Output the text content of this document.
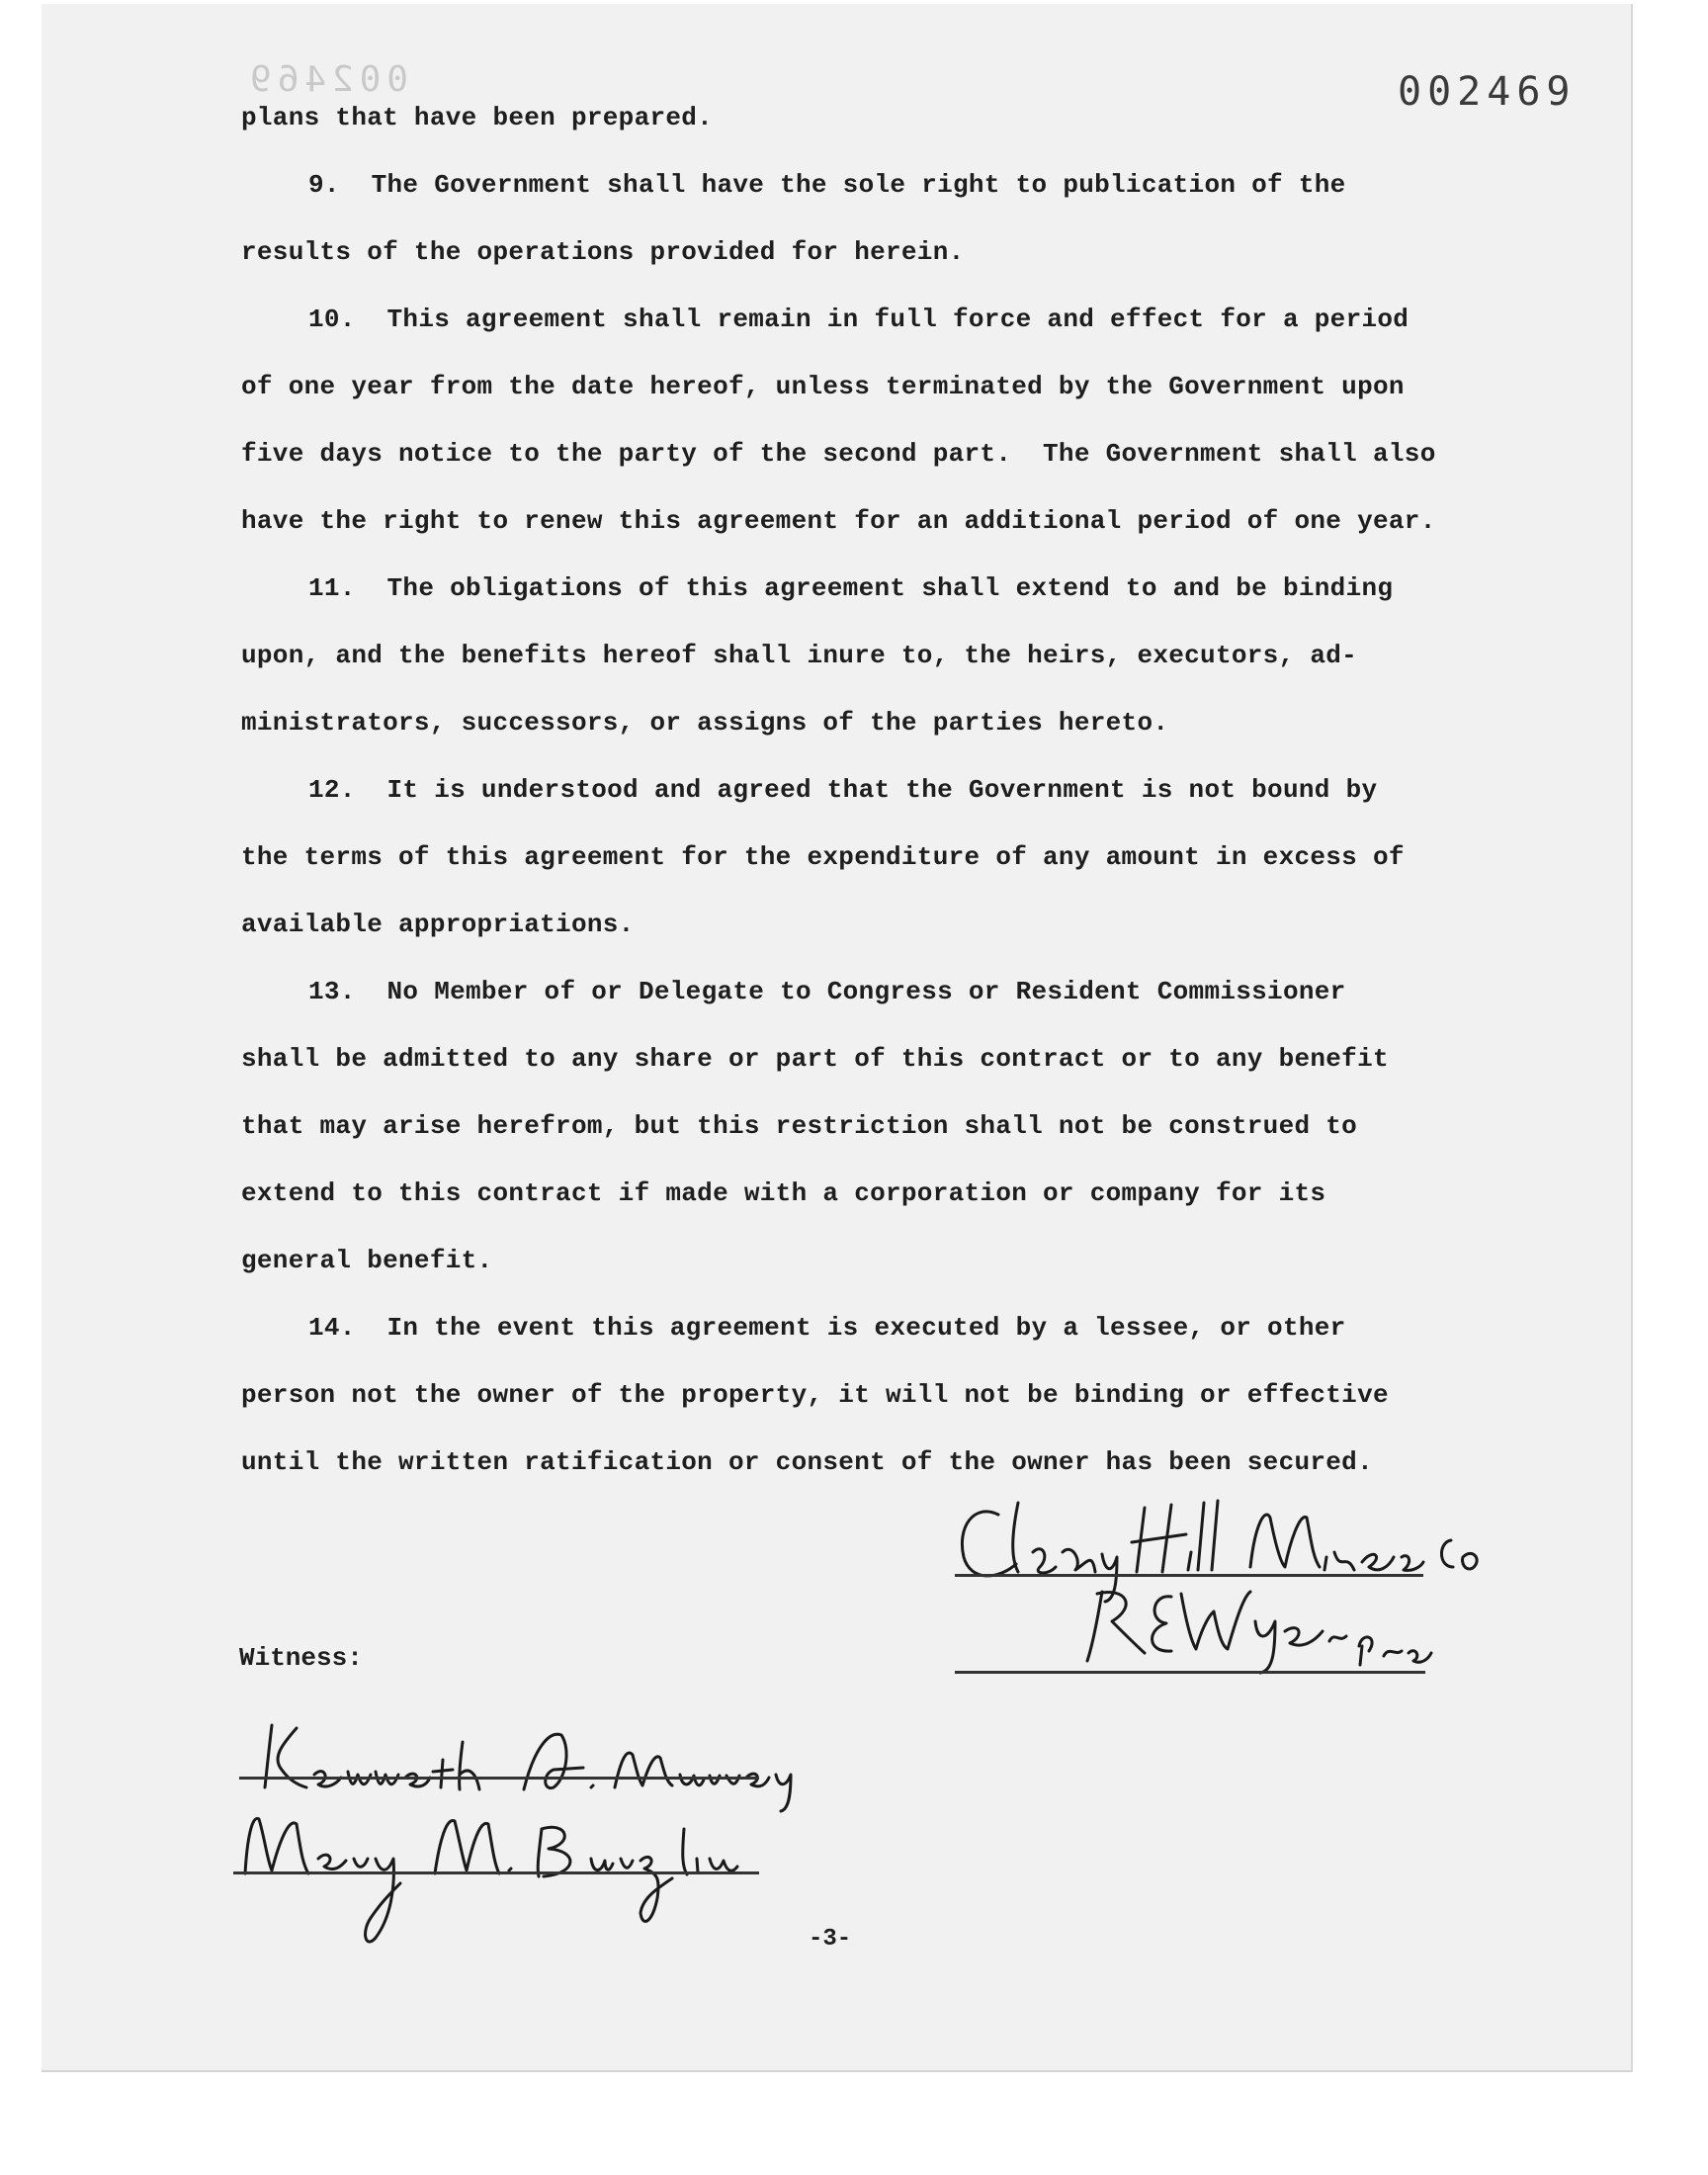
002469	002469
plans that have been prepared.
9.  The Government shall have the sole right to publication of the
results of the operations provided for herein.
10.  This agreement shall remain in full force and effect for a period
of one year from the date hereof, unless terminated by the Government upon
five days notice to the party of the second part.  The Government shall also
have the right to renew this agreement for an additional period of one year.
11.  The obligations of this agreement shall extend to and be binding
upon, and the benefits hereof shall inure to, the heirs, executors, ad-
ministrators, successors, or assigns of the parties hereto.
12.  It is understood and agreed that the Government is not bound by
the terms of this agreement for the expenditure of any amount in excess of
available appropriations.
13.  No Member of or Delegate to Congress or Resident Commissioner
shall be admitted to any share or part of this contract or to any benefit
that may arise herefrom, but this restriction shall not be construed to
extend to this contract if made with a corporation or company for its
general benefit.
14.  In the event this agreement is executed by a lessee, or other
person not the owner of the property, it will not be binding or effective
until the written ratification or consent of the owner has been secured.
Witness:
-3-
